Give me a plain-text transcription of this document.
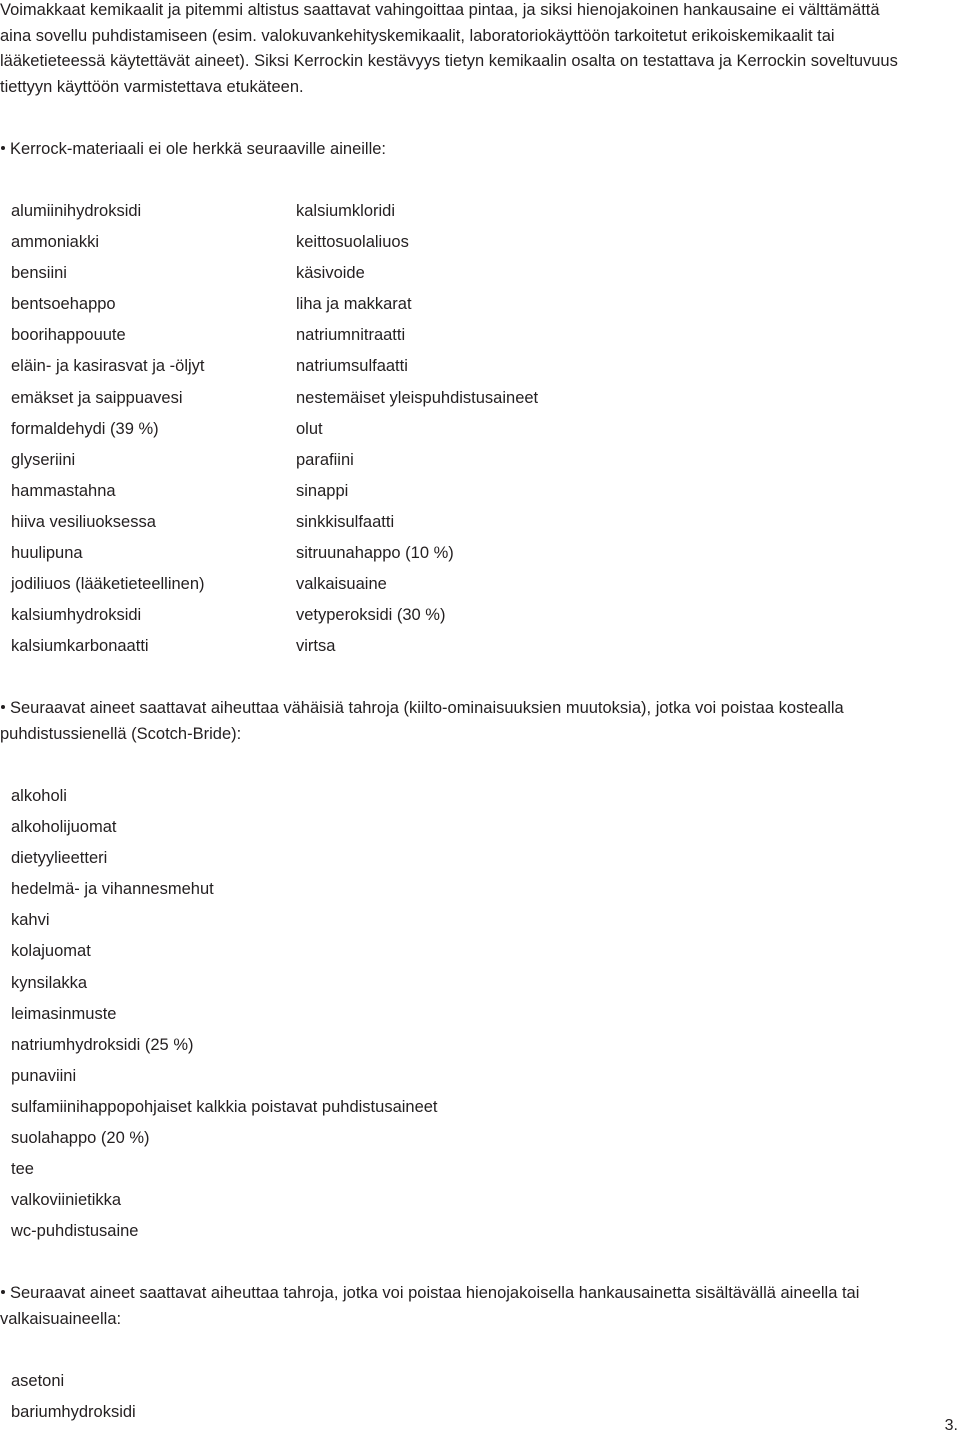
Voimakkaat kemikaalit ja pitemmi altistus saattavat vahingoittaa pintaa, ja siksi hienojakoinen hankausaine ei välttämättä

aina sovellu puhdistamiseen (esim. valokuvankehityskemikaalit, laboratoriokäyttöön tarkoitetut erikoiskemikaalit tai

lääketieteessä käytettävät aineet). Siksi Kerrockin kestävyys tietyn kemikaalin osalta on testattava ja Kerrockin soveltuvuus

tiettyyn käyttöön varmistettava etukäteen.

Kerrock-materiaali ei ole herkkä seuraaville aineille:
alumiinihydroksidi
ammoniakki
bensiini
bentsoehappo
boorihappouute
eläin- ja kasirasvat ja -öljyt
emäkset ja saippuavesi
formaldehydi (39 %)
glyseriini
hammastahna
hiiva vesiliuoksessa
huulipuna
jodiliuos (lääketieteellinen)
kalsiumhydroksidi
kalsiumkarbonaatti
kalsiumkloridi
keittosuolaliuos
käsivoide
liha ja makkarat
natriumnitraatti
natriumsulfaatti
nestemäiset yleispuhdistusaineet
olut
parafiini
sinappi
sinkkisulfaatti
sitruunahappo (10 %)
valkaisuaine
vetyperoksidi (30 %)
virtsa
Seuraavat aineet saattavat aiheuttaa vähäisiä tahroja (kiilto-ominaisuuksien muutoksia), jotka voi poistaa kostealla
puhdistussienellä (Scotch-Bride):
alkoholi
alkoholijuomat
dietyylieetteri
hedelmä- ja vihannesmehut
kahvi
kolajuomat
kynsilakka
leimasinmuste
natriumhydroksidi (25 %)
punaviini
sulfamiinihappopohjaiset kalkkia poistavat puhdistusaineet
suolahappo (20 %)
tee
valkoviinietikka
wc-puhdistusaine
Seuraavat aineet saattavat aiheuttaa tahroja, jotka voi poistaa hienojakoisella hankausainetta sisältävällä aineella tai
valkaisuaineella:
asetoni
bariumhydroksidi
3.
